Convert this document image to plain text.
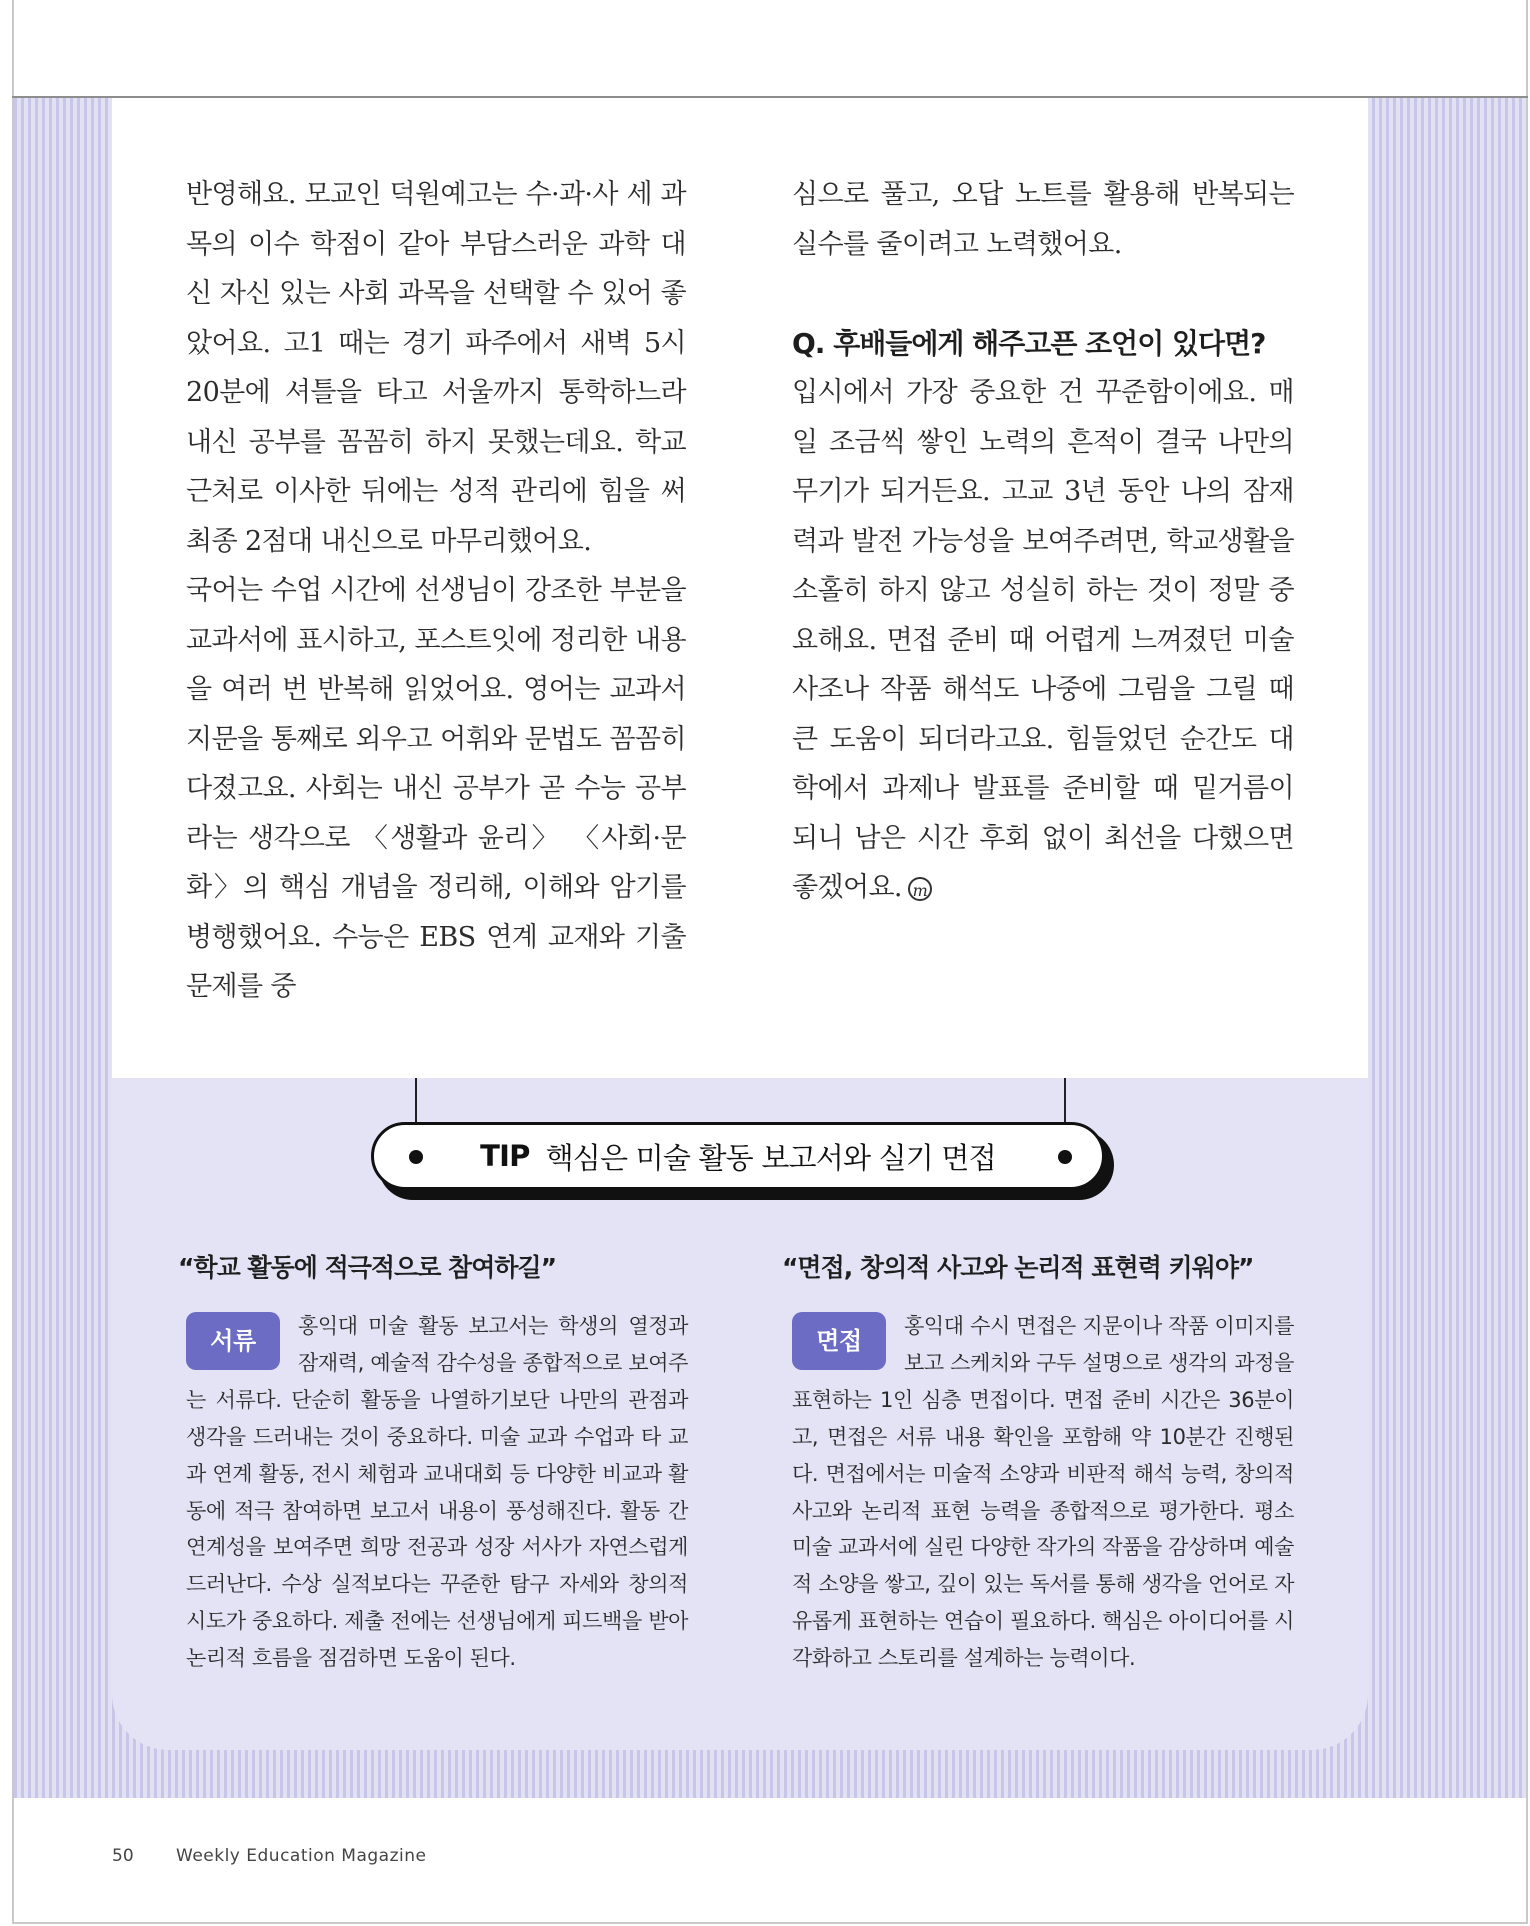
반영해요. 모교인 덕원예고는 수·과·사 세 과목의 이수 학점이 같아 부담스러운 과학 대신 자신 있는 사회 과목을 선택할 수 있어 좋았어요. 고1 때는 경기 파주에서 새벽 5시 20분에 셔틀을 타고 서울까지 통학하느라 내신 공부를 꼼꼼히 하지 못했는데요. 학교 근처로 이사한 뒤에는 성적 관리에 힘을 써 최종 2점대 내신으로 마무리했어요.

국어는 수업 시간에 선생님이 강조한 부분을 교과서에 표시하고, 포스트잇에 정리한 내용을 여러 번 반복해 읽었어요. 영어는 교과서 지문을 통째로 외우고 어휘와 문법도 꼼꼼히 다졌고요. 사회는 내신 공부가 곧 수능 공부라는 생각으로 〈생활과 윤리〉 〈사회·문화〉의 핵심 개념을 정리해, 이해와 암기를 병행했어요. 수능은 EBS 연계 교재와 기출문제를 중

심으로 풀고, 오답 노트를 활용해 반복되는 실수를 줄이려고 노력했어요.

Q. 후배들에게 해주고픈 조언이 있다면?

입시에서 가장 중요한 건 꾸준함이에요. 매일 조금씩 쌓인 노력의 흔적이 결국 나만의 무기가 되거든요. 고교 3년 동안 나의 잠재력과 발전 가능성을 보여주려면, 학교생활을 소홀히 하지 않고 성실히 하는 것이 정말 중요해요. 면접 준비 때 어렵게 느껴졌던 미술 사조나 작품 해석도 나중에 그림을 그릴 때 큰 도움이 되더라고요. 힘들었던 순간도 대학에서 과제나 발표를 준비할 때 밑거름이 되니 남은 시간 후회 없이 최선을 다했으면 좋겠어요. m

TIP 핵심은 미술 활동 보고서와 실기 면접
“학교 활동에 적극적으로 참여하길”	“면접, 창의적 사고와 논리적 표현력 키워야”
서류
홍익대 미술 활동 보고서는 학생의 열정과 잠재력, 예술적 감수성을 종합적으로 보여주는 서류다. 단순히 활동을 나열하기보단 나만의 관점과 생각을 드러내는 것이 중요하다. 미술 교과 수업과 타 교과 연계 활동, 전시 체험과 교내대회 등 다양한 비교과 활동에 적극 참여하면 보고서 내용이 풍성해진다. 활동 간 연계성을 보여주면 희망 전공과 성장 서사가 자연스럽게 드러난다. 수상 실적보다는 꾸준한 탐구 자세와 창의적 시도가 중요하다. 제출 전에는 선생님에게 피드백을 받아 논리적 흐름을 점검하면 도움이 된다.
면접
홍익대 수시 면접은 지문이나 작품 이미지를 보고 스케치와 구두 설명으로 생각의 과정을 표현하는 1인 심층 면접이다. 면접 준비 시간은 36분이고, 면접은 서류 내용 확인을 포함해 약 10분간 진행된다. 면접에서는 미술적 소양과 비판적 해석 능력, 창의적 사고와 논리적 표현 능력을 종합적으로 평가한다. 평소 미술 교과서에 실린 다양한 작가의 작품을 감상하며 예술적 소양을 쌓고, 깊이 있는 독서를 통해 생각을 언어로 자유롭게 표현하는 연습이 필요하다. 핵심은 아이디어를 시각화하고 스토리를 설계하는 능력이다.
50 Weekly Education Magazine
